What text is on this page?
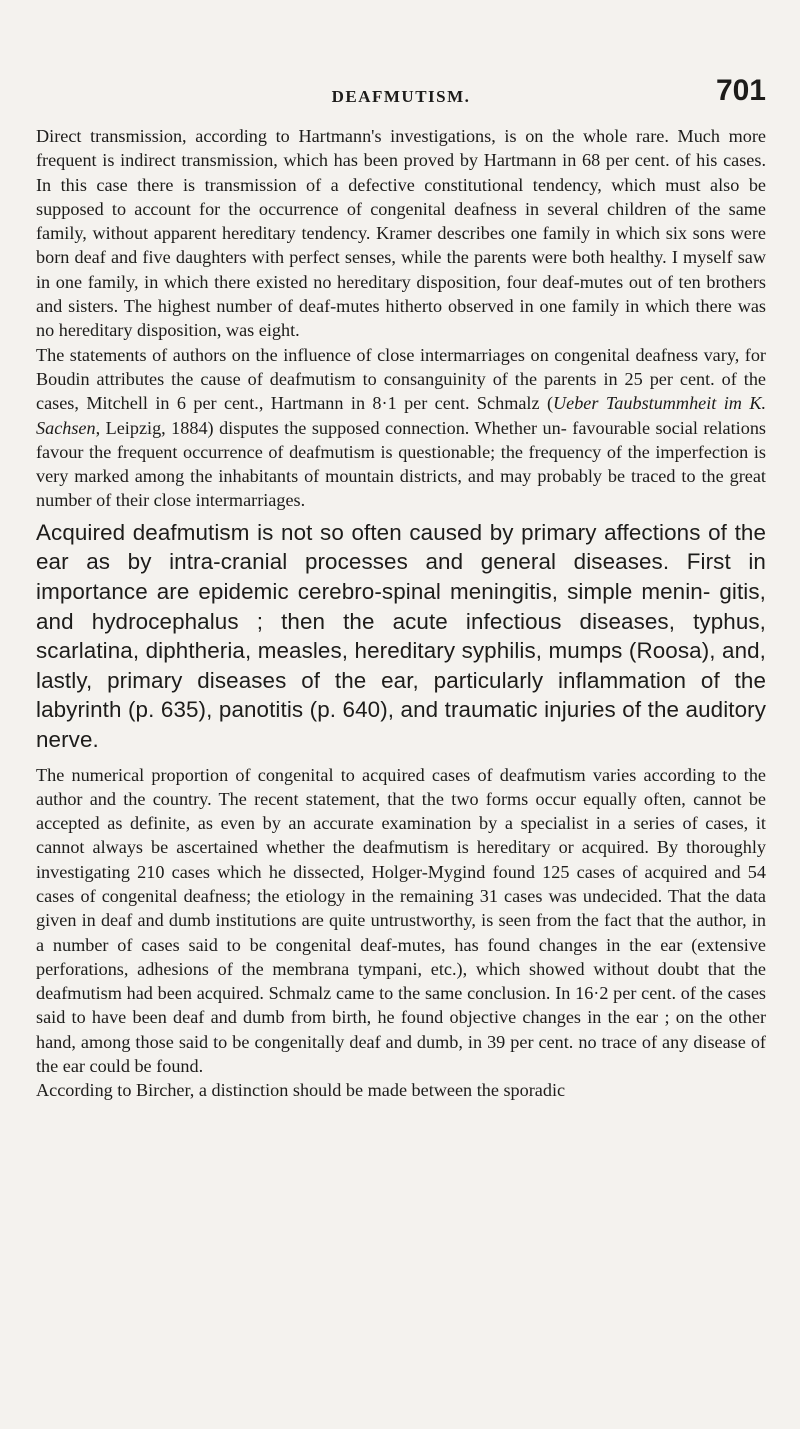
DEAFMUTISM.	701

Direct transmission, according to Hartmann's investigations, is on the whole rare. Much more frequent is indirect transmission, which has been proved by Hartmann in 68 per cent. of his cases. In this case there is transmission of a defective constitutional tendency, which must also be supposed to account for the occurrence of congenital deafness in several children of the same family, without apparent hereditary tendency. Kramer describes one family in which six sons were born deaf and five daughters with perfect senses, while the parents were both healthy. I myself saw in one family, in which there existed no hereditary disposition, four deaf-mutes out of ten brothers and sisters. The highest number of deaf-mutes hitherto observed in one family in which there was no hereditary disposition, was eight.

The statements of authors on the influence of close intermarriages on congenital deafness vary, for Boudin attributes the cause of deafmutism to consanguinity of the parents in 25 per cent. of the cases, Mitchell in 6 per cent., Hartmann in 8·1 per cent. Schmalz (Ueber Taubstummheit im K. Sachsen, Leipzig, 1884) disputes the supposed connection. Whether un- favourable social relations favour the frequent occurrence of deafmutism is questionable; the frequency of the imperfection is very marked among the inhabitants of mountain districts, and may probably be traced to the great number of their close intermarriages.

Acquired deafmutism is not so often caused by primary affections of the ear as by intra-cranial processes and general diseases. First in importance are epidemic cerebro-spinal meningitis, simple menin- gitis, and hydrocephalus ; then the acute infectious diseases, typhus, scarlatina, diphtheria, measles, hereditary syphilis, mumps (Roosa), and, lastly, primary diseases of the ear, particularly inflammation of the labyrinth (p. 635), panotitis (p. 640), and traumatic injuries of the auditory nerve.

The numerical proportion of congenital to acquired cases of deafmutism varies according to the author and the country. The recent statement, that the two forms occur equally often, cannot be accepted as definite, as even by an accurate examination by a specialist in a series of cases, it cannot always be ascertained whether the deafmutism is hereditary or acquired. By thoroughly investigating 210 cases which he dissected, Holger-Mygind found 125 cases of acquired and 54 cases of congenital deafness; the etiology in the remaining 31 cases was undecided. That the data given in deaf and dumb institutions are quite untrustworthy, is seen from the fact that the author, in a number of cases said to be congenital deaf-mutes, has found changes in the ear (extensive perforations, adhesions of the membrana tympani, etc.), which showed without doubt that the deafmutism had been acquired. Schmalz came to the same conclusion. In 16·2 per cent. of the cases said to have been deaf and dumb from birth, he found objective changes in the ear ; on the other hand, among those said to be congenitally deaf and dumb, in 39 per cent. no trace of any disease of the ear could be found.

According to Bircher, a distinction should be made between the sporadic
